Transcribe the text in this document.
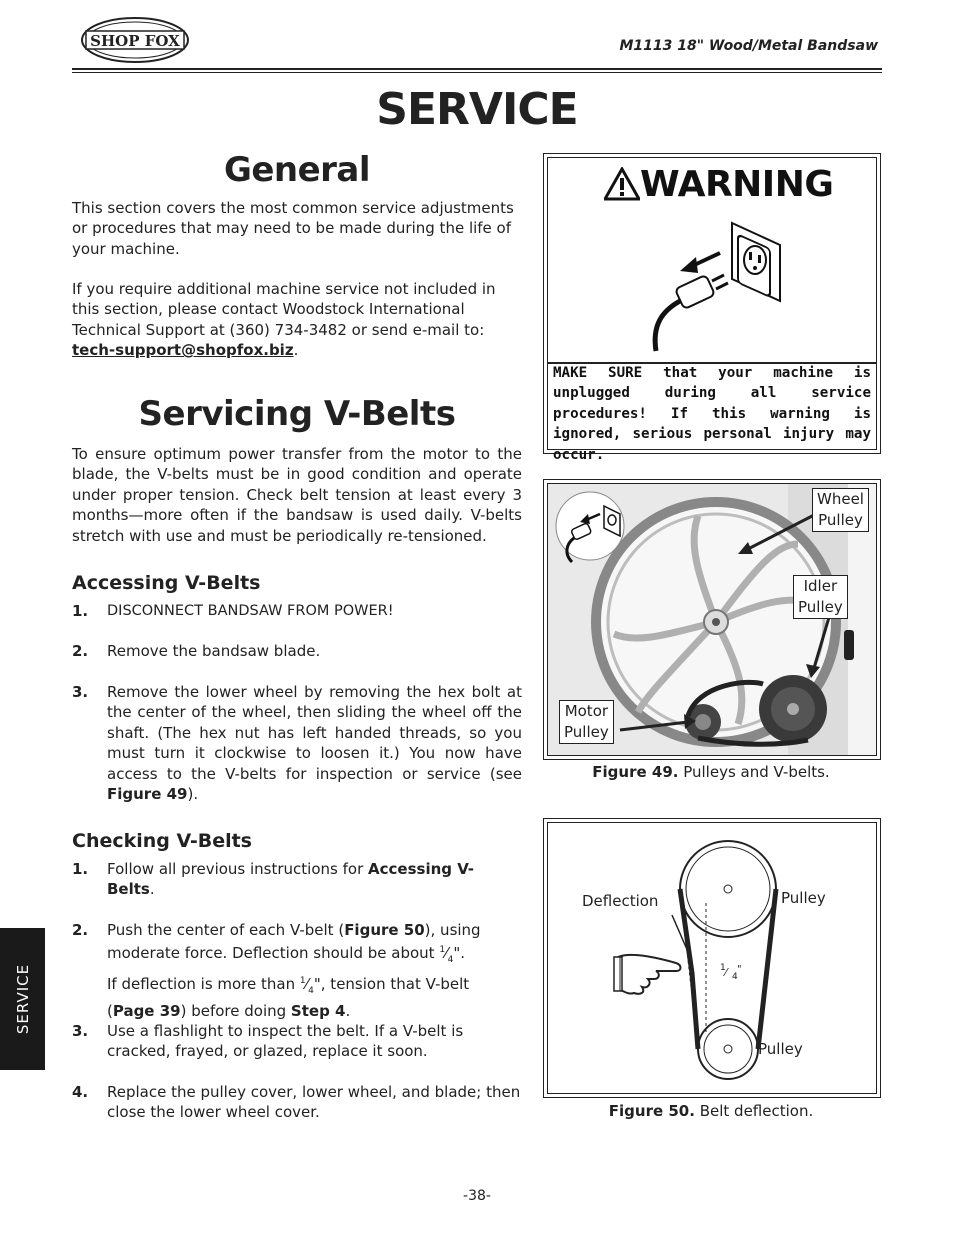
SHOP FOX	M1113 18" Wood/Metal Bandsaw
SERVICE
General
This section covers the most common service adjustments or procedures that may need to be made during the life of your machine.
If you require additional machine service not included in this section, please contact Woodstock International Technical Support at (360) 734-3482 or send e-mail to: tech-support@shopfox.biz.
Servicing V-Belts
To ensure optimum power transfer from the motor to the blade, the V-belts must be in good condition and operate under proper tension. Check belt tension at least every 3 months—more often if the bandsaw is used daily. V-belts stretch with use and must be periodically re-tensioned.
Accessing V-Belts
1. DISCONNECT BANDSAW FROM POWER!
2. Remove the bandsaw blade.
3. Remove the lower wheel by removing the hex bolt at the center of the wheel, then sliding the wheel off the shaft. (The hex nut has left handed threads, so you must turn it clockwise to loosen it.) You now have access to the V-belts for inspection or service (see Figure 49).
Checking V-Belts
1. Follow all previous instructions for Accessing V-Belts.
2. Push the center of each V-belt (Figure 50), using moderate force. Deflection should be about $^1⁄_4$".
If deflection is more than $^1⁄_4$", tension that V-belt (Page 39) before doing Step 4.
3. Use a flashlight to inspect the belt. If a V-belt is cracked, frayed, or glazed, replace it soon.
4. Replace the pulley cover, lower wheel, and blade; then close the lower wheel cover.
SERVICE
WARNING
MAKE SURE that your machine is unplugged during all service procedures! If this warning is ignored, serious personal injury may occur.
Wheel
Pulley
Idler
Pulley
Motor
Pulley
Figure 49. Pulleys and V-belts.
Deflection	Pulley
Pulley
1 ⁄ 4
"
Figure 50. Belt deflection.
-38-
